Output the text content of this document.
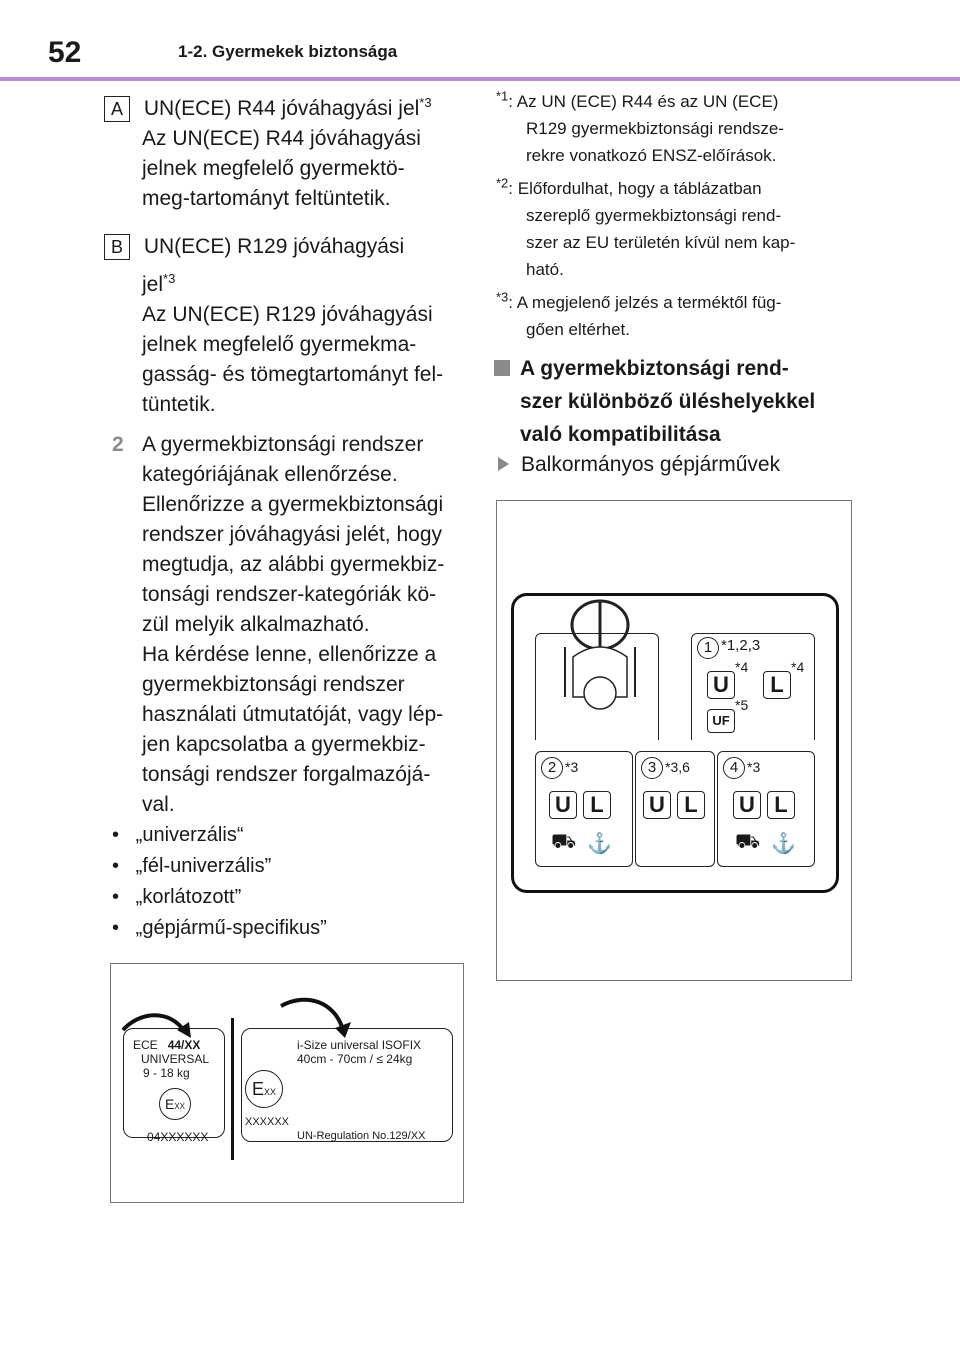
52	1-2. Gyermekek biztonsága
A UN(ECE) R44 jóváhagyási jel$^{*3}$
Az UN(ECE) R44 jóváhagyási
jelnek megfelelő gyermektö-
meg-tartományt feltüntetik.
B UN(ECE) R129 jóváhagyási
jel$^{*3}$
Az UN(ECE) R129 jóváhagyási
jelnek megfelelő gyermekma-
gasság- és tömegtartományt fel-
tüntetik.
2 A gyermekbiztonsági rendszer
kategóriájának ellenőrzése.
Ellenőrizze a gyermekbiztonsági
rendszer jóváhagyási jelét, hogy
megtudja, az alábbi gyermekbiz-
tonsági rendszer-kategóriák kö-
zül melyik alkalmazható.
Ha kérdése lenne, ellenőrizze a
gyermekbiztonsági rendszer
használati útmutatóját, vagy lép-
jen kapcsolatba a gyermekbiz-
tonsági rendszer forgalmazójá-
val.
•   „univerzális“
•   „fél-univerzális”
•   „korlátozott”
•   „gépjármű-specifikus”
ECE 44/XX
UNIVERSAL
9 - 18 kg
EXX
04XXXXXX
i-Size universal ISOFIX
40cm - 70cm / ≤ 24kg
EXX
XXXXXX
UN-Regulation No.129/XX
$^{*1}$: Az UN (ECE) R44 és az UN (ECE)
R129 gyermekbiztonsági rendsze-
rekre vonatkozó ENSZ-előírások.
$^{*2}$: Előfordulhat, hogy a táblázatban
szereplő gyermekbiztonsági rend-
szer az EU területén kívül nem kap-
ható.
$^{*3}$: A megjelenő jelzés a terméktől füg-
gően eltérhet.
A gyermekbiztonsági rend-
szer különböző üléshelyekkel
való kompatibilitása
Balkormányos gépjárművek
1 *1,2,3
U
*4
L
*4
UF
*5
2 *3
U L
⛟ ⚓
3 *3,6
U L
4 *3
U L
⛟ ⚓
